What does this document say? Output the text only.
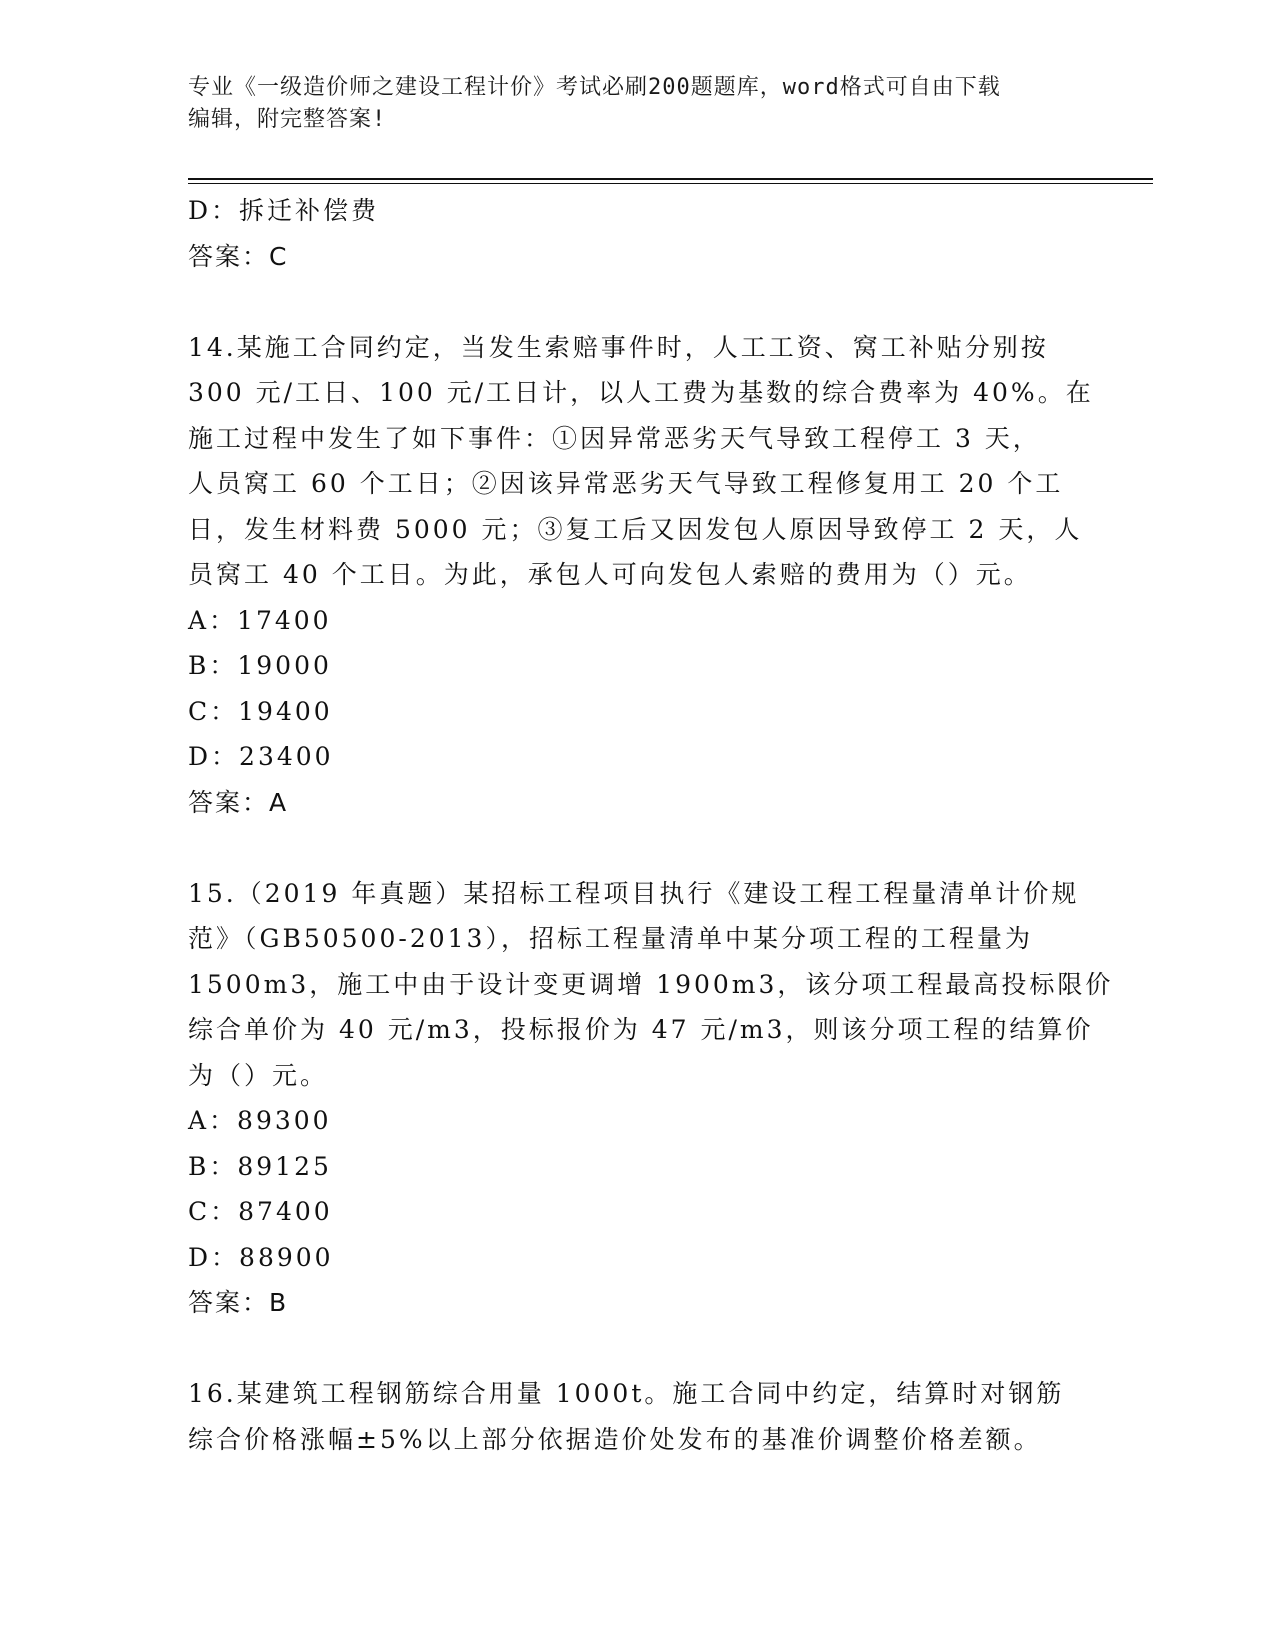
专业《一级造价师之建设工程计价》考试必刷200题题库，word格式可自由下载
编辑，附完整答案!
D：拆迁补偿费
答案：C
14.某施工合同约定，当发生索赔事件时，人工工资、窝工补贴分别按
300 元/工日、100 元/工日计，以人工费为基数的综合费率为 40%。在
施工过程中发生了如下事件：①因异常恶劣天气导致工程停工 3 天，
人员窝工 60 个工日；②因该异常恶劣天气导致工程修复用工 20 个工
日，发生材料费 5000 元；③复工后又因发包人原因导致停工 2 天，人
员窝工 40 个工日。为此，承包人可向发包人索赔的费用为（）元。
A：17400
B：19000
C：19400
D：23400
答案：A
15.（2019 年真题）某招标工程项目执行《建设工程工程量清单计价规
范》（GB50500-2013），招标工程量清单中某分项工程的工程量为
1500m3，施工中由于设计变更调增 1900m3，该分项工程最高投标限价
综合单价为 40 元/m3，投标报价为 47 元/m3，则该分项工程的结算价
为（）元。
A：89300
B：89125
C：87400
D：88900
答案：B
16.某建筑工程钢筋综合用量 1000t。施工合同中约定，结算时对钢筋
综合价格涨幅±5%以上部分依据造价处发布的基准价调整价格差额。
